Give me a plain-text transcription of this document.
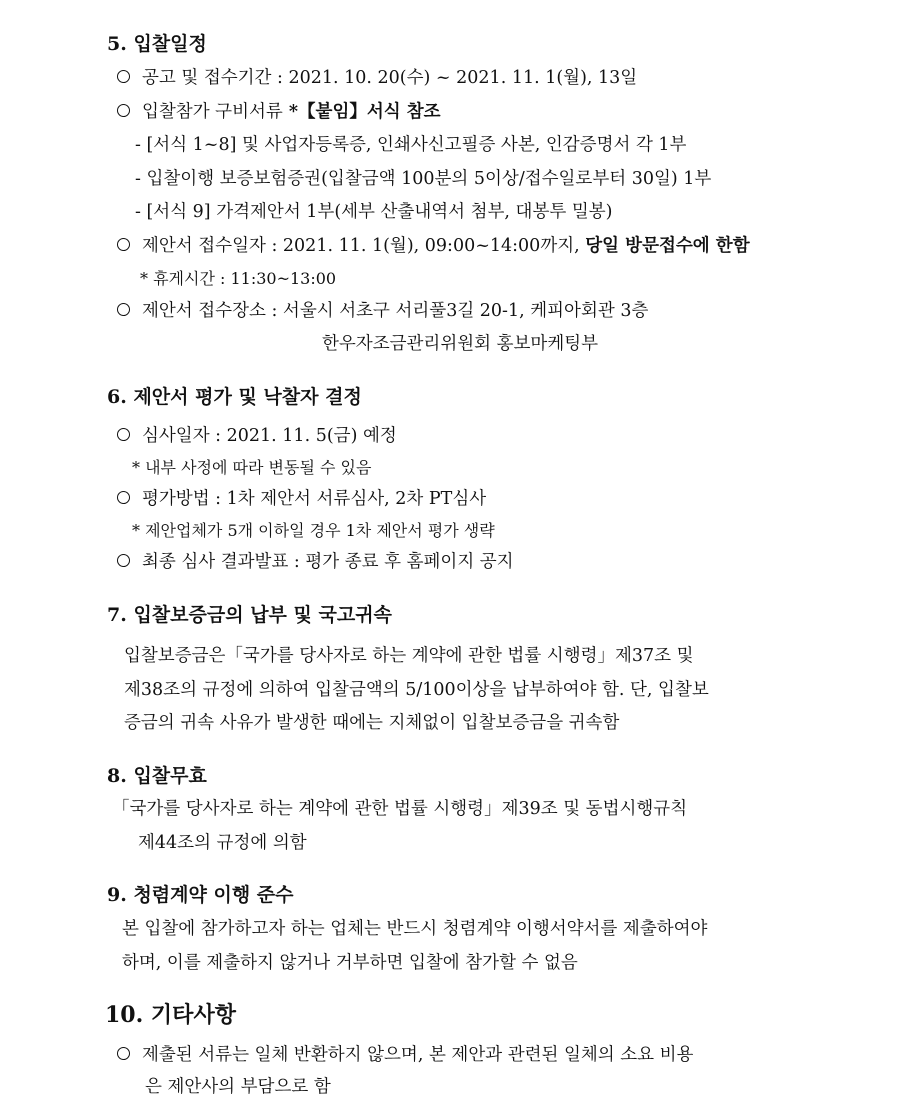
5. 입찰일정
공고 및 접수기간 : 2021. 10. 20(수) ~ 2021. 11. 1(월), 13일
입찰참가 구비서류 *【붙임】서식 참조
- [서식 1~8] 및 사업자등록증, 인쇄사신고필증 사본, 인감증명서 각 1부
- 입찰이행 보증보험증권(입찰금액 100분의 5이상/접수일로부터 30일) 1부
- [서식 9] 가격제안서 1부(세부 산출내역서 첨부, 대봉투 밀봉)
제안서 접수일자 : 2021. 11. 1(월), 09:00~14:00까지, 당일 방문접수에 한함
* 휴게시간 : 11:30~13:00
제안서 접수장소 : 서울시 서초구 서리풀3길 20-1, 케피아회관 3층
한우자조금관리위원회 홍보마케팅부
6. 제안서 평가 및 낙찰자 결정
심사일자 : 2021. 11. 5(금) 예정
* 내부 사정에 따라 변동될 수 있음
평가방법 : 1차 제안서 서류심사, 2차 PT심사
* 제안업체가 5개 이하일 경우 1차 제안서 평가 생략
최종 심사 결과발표 : 평가 종료 후 홈페이지 공지
7. 입찰보증금의 납부 및 국고귀속
입찰보증금은「국가를 당사자로 하는 계약에 관한 법률 시행령」제37조 및
제38조의 규정에 의하여 입찰금액의 5/100이상을 납부하여야 함. 단, 입찰보
증금의 귀속 사유가 발생한 때에는 지체없이 입찰보증금을 귀속함
8. 입찰무효
「국가를 당사자로 하는 계약에 관한 법률 시행령」제39조 및 동법시행규칙
제44조의 규정에 의함
9. 청렴계약 이행 준수
본 입찰에 참가하고자 하는 업체는 반드시 청렴계약 이행서약서를 제출하여야
하며, 이를 제출하지 않거나 거부하면 입찰에 참가할 수 없음
10. 기타사항
제출된 서류는 일체 반환하지 않으며, 본 제안과 관련된 일체의 소요 비용
은 제안사의 부담으로 함
